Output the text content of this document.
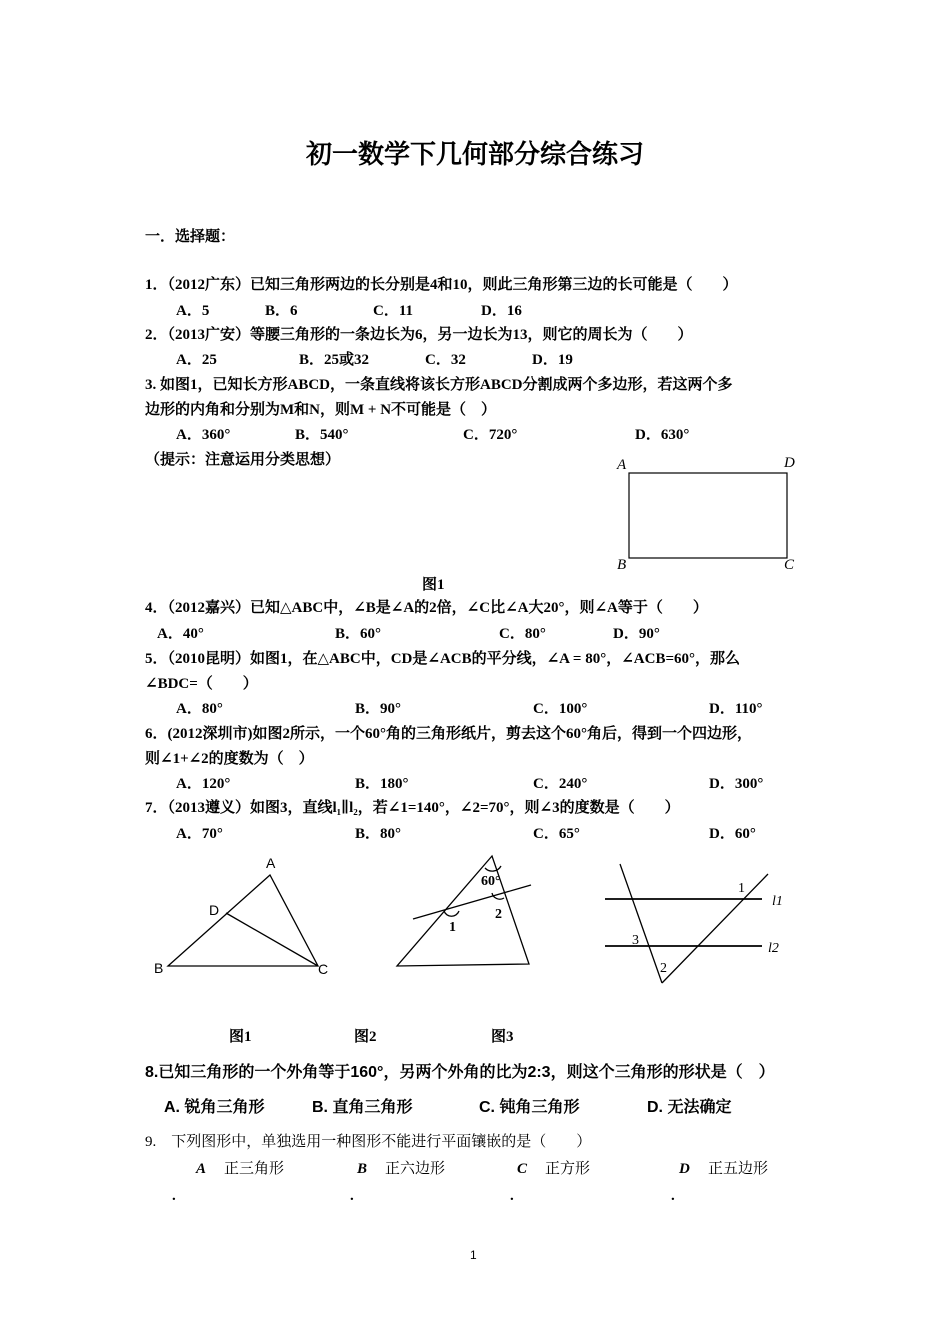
初一数学下几何部分综合练习
一．选择题：
1．（2012广东）已知三角形两边的长分别是4和10，则此三角形第三边的长可能是（　　）
A．5	B．6	C．11	D．16
2．（2013广安）等腰三角形的一条边长为6，另一边长为13，则它的周长为（　　）
A．25	B．25或32	C．32	D．19
3. 如图1，已知长方形ABCD，一条直线将该长方形ABCD分割成两个多边形，若这两个多
边形的内角和分别为M和N，则M + N不可能是（　）
A．360°	B．540°	C．720°	D．630°
（提示：注意运用分类思想）	A	D
B	C
图1
4．（2012嘉兴）已知△ABC中，∠B是∠A的2倍，∠C比∠A大20°，则∠A等于（　　）
A．40°	B．60°	C．80°	D．90°
5．（2010昆明）如图1，在△ABC中，CD是∠ACB的平分线，∠A = 80°，∠ACB=60°，那么
∠BDC=（　　）
A．80°	B．90°	C．100°	D．110°
6．(2012深圳市)如图2所示，一个60°角的三角形纸片，剪去这个60°角后，得到一个四边形，
则∠1+∠2的度数为（　）
A．120°	B．180°	C．240°	D．300°
7．（2013遵义）如图3，直线l₁∥l₂，若∠1=140°，∠2=70°，则∠3的度数是（　　）
A．70°	B．80°	C．65°	D．60°
A
D
B	C
60°
1
2
1
l1
3
l2
2
图1	图2	图3
8.已知三角形的一个外角等于160°，另两个外角的比为2:3，则这个三角形的形状是（　）
A. 锐角三角形	B. 直角三角形	C. 钝角三角形	D. 无法确定
9.　下列图形中，单独选用一种图形不能进行平面镶嵌的是（　　）
A 正三角形	B 正六边形	C 正方形	D 正五边形
.	.	.	.
1
